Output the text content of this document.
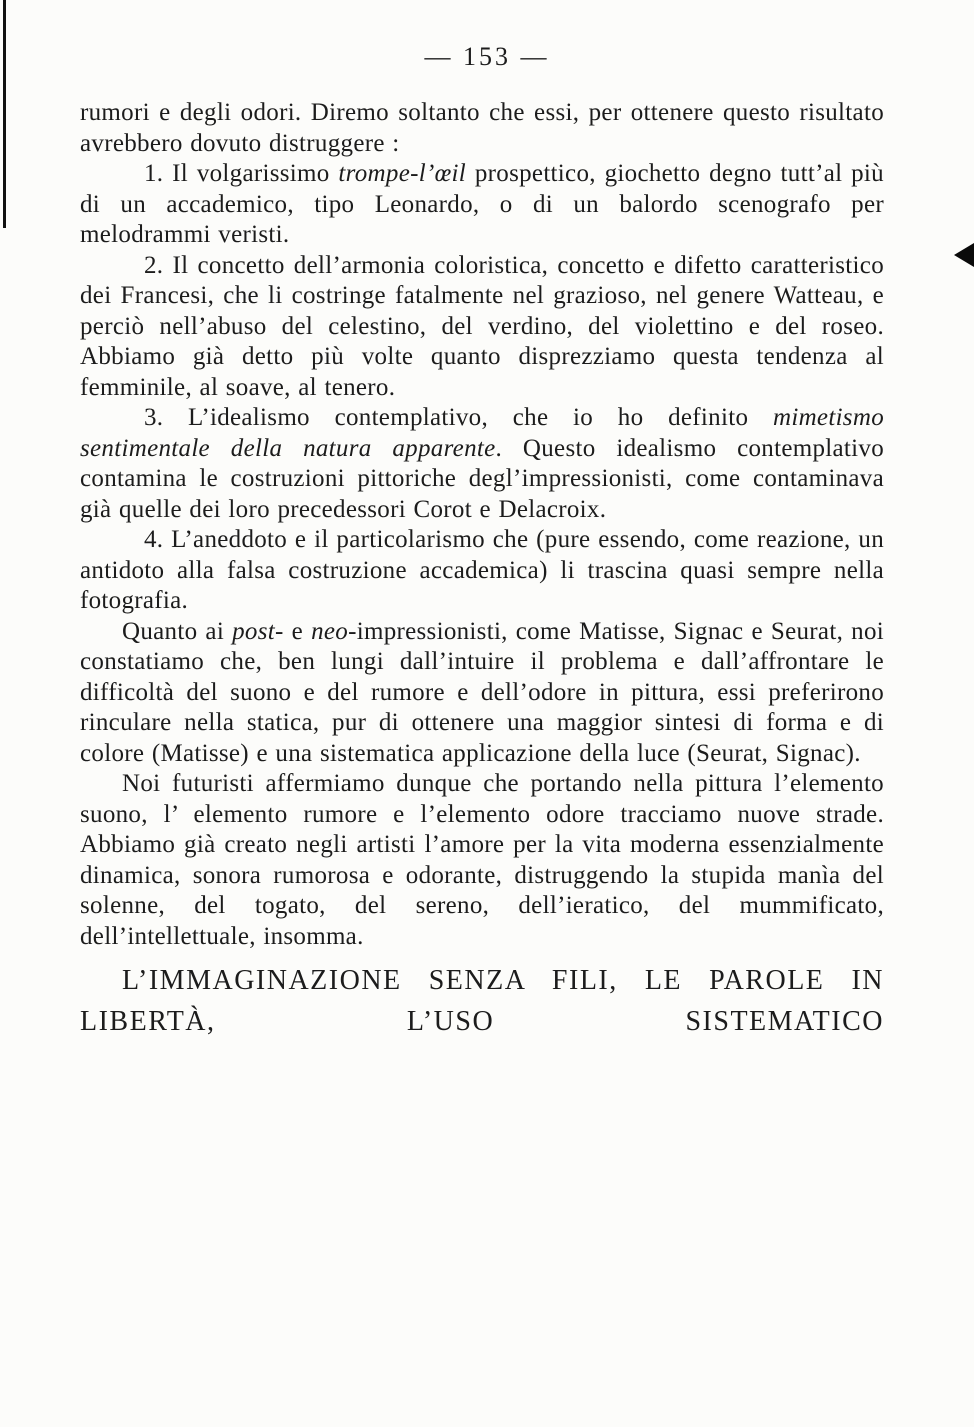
— 153 —

rumori e degli odori. Diremo soltanto che essi, per ottenere questo risultato avrebbero dovuto distruggere :

1. Il volgarissimo trompe-l’œil prospettico, giochetto degno tutt’al più di un accademico, tipo Leonardo, o di un balordo scenografo per melodrammi veristi.

2. Il concetto dell’armonia coloristica, concetto e difetto caratteristico dei Francesi, che li costringe fatalmente nel grazioso, nel genere Watteau, e perciò nell’abuso del celestino, del verdino, del violettino e del roseo. Abbiamo già detto più volte quanto disprezziamo questa tendenza al femminile, al soave, al tenero.

3. L’idealismo contemplativo, che io ho definito mimetismo sentimentale della natura apparente. Questo idealismo contemplativo contamina le costruzioni pittoriche degl’impressionisti, come contaminava già quelle dei loro precedessori Corot e Delacroix.

4. L’aneddoto e il particolarismo che (pure essendo, come reazione, un antidoto alla falsa costruzione accademica) li trascina quasi sempre nella fotografia.

Quanto ai post- e neo-impressionisti, come Matisse, Signac e Seurat, noi constatiamo che, ben lungi dall’intuire il problema e dall’affrontare le difficoltà del suono e del rumore e dell’odore in pittura, essi preferirono rinculare nella statica, pur di ottenere una maggior sintesi di forma e di colore (Matisse) e una sistematica applicazione della luce (Seurat, Signac).

Noi futuristi affermiamo dunque che portando nella pittura l’elemento suono, l’ elemento rumore e l’elemento odore tracciamo nuove strade. Abbiamo già creato negli artisti l’amore per la vita moderna essenzialmente dinamica, sonora rumorosa e odorante, distruggendo la stupida manìa del solenne, del togato, del sereno, dell’ieratico, del mummificato, dell’intellettuale, insomma.

L’IMMAGINAZIONE SENZA FILI, LE PAROLE IN LIBERTÀ, L’USO SISTEMATICO
